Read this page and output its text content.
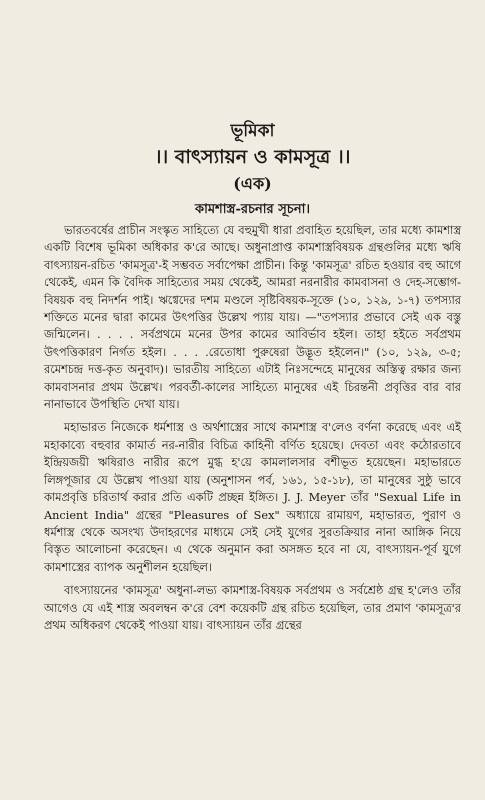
ভূমিকা

।। বাৎস্যায়ন ও কামসূত্র ।।

(এক)

কামশাস্ত্র-রচনার সূচনা।

ভারতবর্ষের প্রাচীন সংস্কৃত সাহিত্যে যে বহুমুখী ধারা প্রবাহিত হয়েছিল, তার মধ্যে কামশাস্ত্র একটি বিশেষ ভূমিকা অধিকার ক'রে আছে। অধুনাপ্রাপ্ত কামশাস্ত্রবিষয়ক গ্রন্থগুলির মধ্যে ঋষি বাৎস্যায়ন-রচিত 'কামসূত্র'-ই সম্ভবত সর্বাপেক্ষা প্রাচীন। কিন্তু 'কামসূত্র' রচিত হওয়ার বহু আগে থেকেই, এমন কি বৈদিক সাহিত্যের সময় থেকেই, আমরা নরনারীর কামবাসনা ও দেহ-সম্ভোগ-বিষয়ক বহু নিদর্শন পাই। ঋগ্বেদের দশম মণ্ডলে সৃষ্টিবিষয়ক-সূক্তে (১০, ১২৯, ১-৭) তপস্যার শক্তিতে মনের দ্বারা কামের উৎপত্তির উল্লেখ প্যায় যায়। —"তপস্যার প্রভাবে সেই এক বস্তু জন্মিলেন। . . . . সর্বপ্রথমে মনের উপর কামের আবির্ভাব হইল। তাহা হইতে সর্বপ্রথম উৎপত্তিকারণ নির্গত হইল। . . . .রেতোধা পুরুষেরা উদ্ভূত হইলেন।" (১০, ১২৯, ৩-৫; রমেশচন্দ্র দত্ত-কৃত অনুবাদ)। ভারতীয় সাহিত্যে এটাই নিঃসন্দেহে মানুষের অস্তিত্ব রক্ষার জন্য কামবাসনার প্রথম উল্লেখ। পরবর্তী-কালের সাহিত্যে মানুষের এই চিরন্তনী প্রবৃত্তির বার বার নানাভাবে উপস্থিতি দেখা যায়।

মহাভারত নিজেকে ধর্মশাস্ত্র ও অর্থশাস্ত্রের সাথে কামশাস্ত্র ব'লেও বর্ণনা করেছে এবং এই মহাকাব্যে বহুবার কামার্ত নর-নারীর বিচিত্র কাহিনী বর্ণিত হয়েছে। দেবতা এবং কঠোরতাবে ইন্দ্রিয়জয়ী ঋষিরাও নারীর রূপে মুগ্ধ হ'য়ে কামলালসার বশীভূত হয়েছেন। মহাভারতে লিঙ্গপূজার যে উল্লেখ পাওয়া যায় (অনুশাসন পর্ব, ১৬১, ১৫-১৮), তা মানুষের সুষ্ঠু ভাবে কামপ্রবৃত্তি চরিতার্থ করার প্রতি একটি প্রচ্ছন্ন ইঙ্গিত। J. J. Meyer তাঁর "Sexual Life in Ancient India" গ্রন্থের "Pleasures of Sex" অধ্যায়ে রামায়ণ, মহাভারত, পুরাণ ও ধর্মশাস্ত্র থেকে অসংখ্য উদাহরণের মাধ্যমে সেই সেই যুগের সুরতক্রিয়ার নানা আঙ্গিক নিয়ে বিস্তৃত আলোচনা করেছেন। এ থেকে অনুমান করা অসঙ্গত হবে না যে, বাৎস্যায়ন-পূর্ব যুগে কামশাস্ত্রের ব্যাপক অনুশীলন হয়েছিল।

বাৎস্যায়নের 'কামসূত্র' অধুনা-লভ্য কামশাস্ত্র-বিষয়ক সর্বপ্রথম ও সর্বশ্রেষ্ঠ গ্রন্থ হ'লেও তাঁর আগেও যে এই শাস্ত্র অবলম্বন ক'রে বেশ কয়েকটি গ্রন্থ রচিত হয়েছিল, তার প্রমাণ 'কামসূত্র'র প্রথম অধিকরণ থেকেই পাওয়া যায়। বাৎস্যায়ন তাঁর গ্রন্থের
